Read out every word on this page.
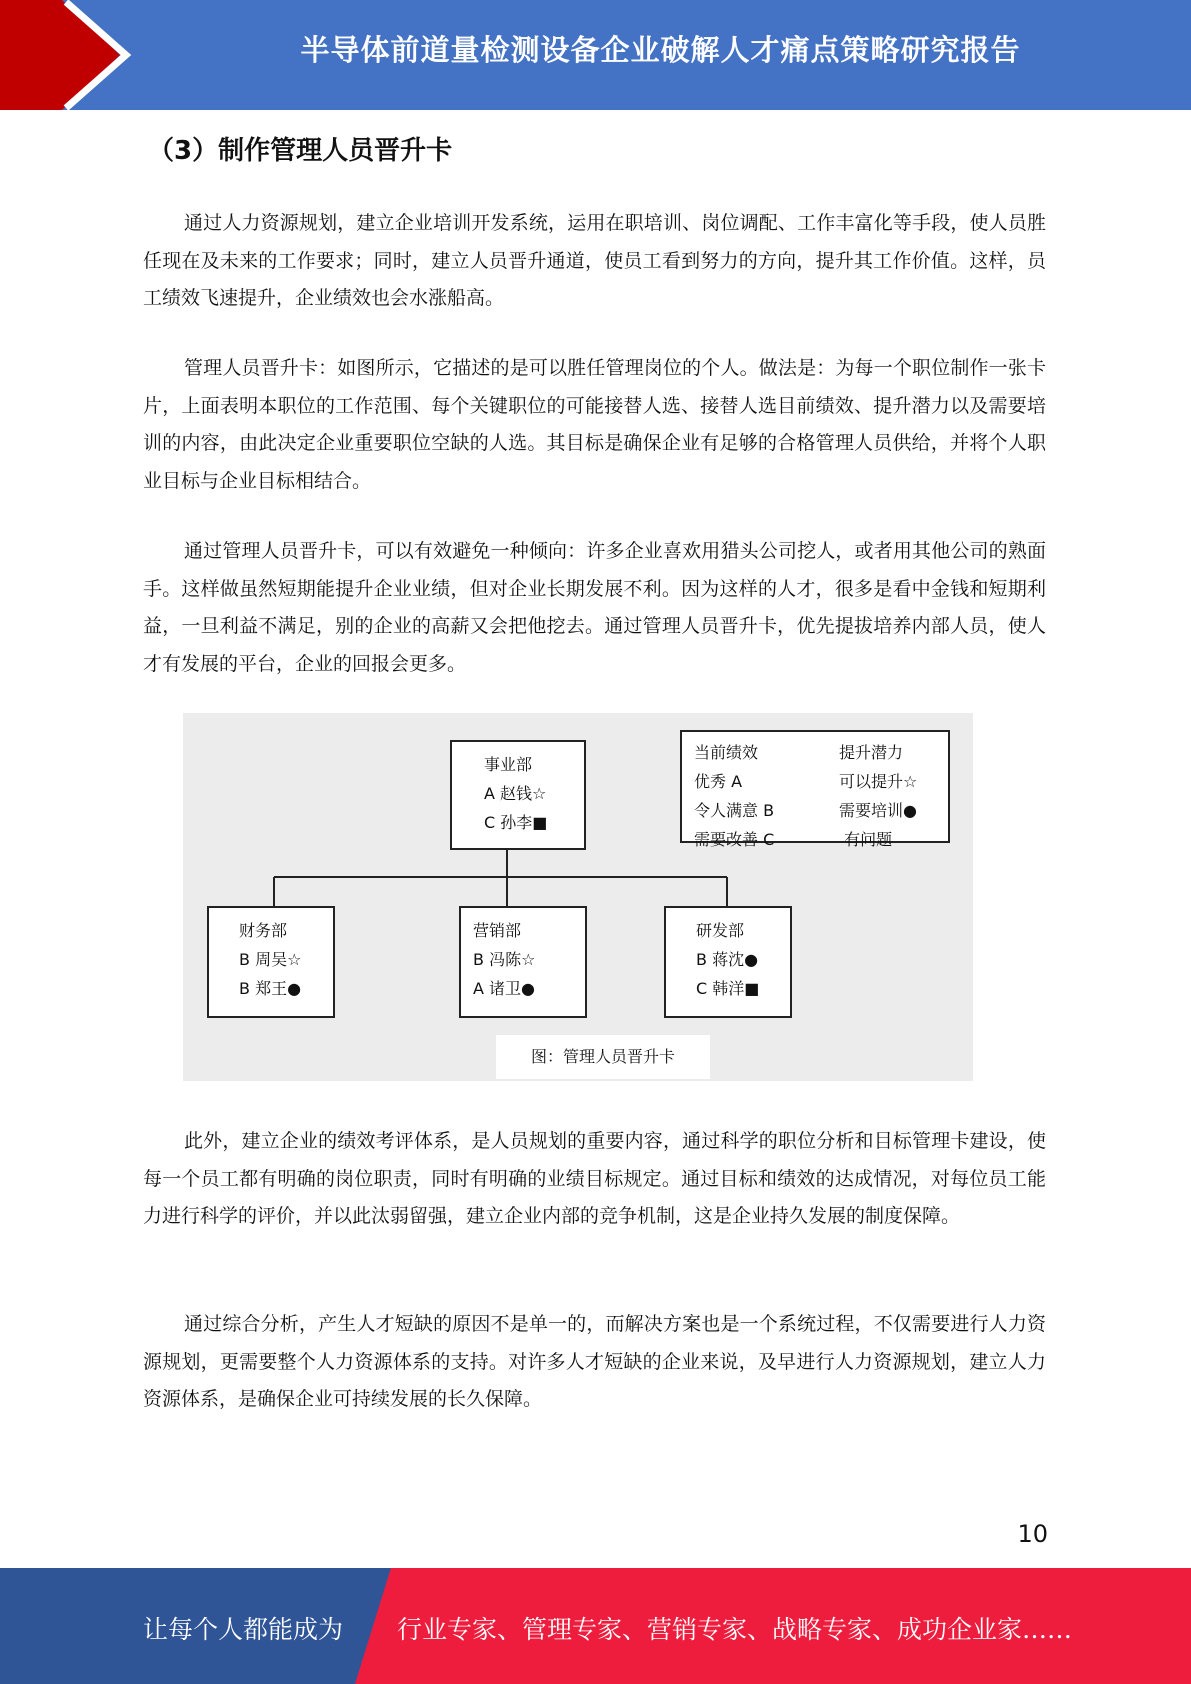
半导体前道量检测设备企业破解人才痛点策略研究报告
（3）制作管理人员晋升卡

通过人力资源规划，建立企业培训开发系统，运用在职培训、岗位调配、工作丰富化等手段，使人员胜任现在及未来的工作要求；同时，建立人员晋升通道，使员工看到努力的方向，提升其工作价值。这样，员工绩效飞速提升，企业绩效也会水涨船高。

管理人员晋升卡：如图所示，它描述的是可以胜任管理岗位的个人。做法是：为每一个职位制作一张卡片，上面表明本职位的工作范围、每个关键职位的可能接替人选、接替人选目前绩效、提升潜力以及需要培训的内容，由此决定企业重要职位空缺的人选。其目标是确保企业有足够的合格管理人员供给，并将个人职业目标与企业目标相结合。

通过管理人员晋升卡，可以有效避免一种倾向：许多企业喜欢用猎头公司挖人，或者用其他公司的熟面手。这样做虽然短期能提升企业业绩，但对企业长期发展不利。因为这样的人才，很多是看中金钱和短期利益，一旦利益不满足，别的企业的高薪又会把他挖去。通过管理人员晋升卡，优先提拔培养内部人员，使人才有发展的平台，企业的回报会更多。

事业部
A 赵钱☆
C 孙李■
财务部
B 周吴☆
B 郑王●
营销部
B 冯陈☆
A 诸卫●
研发部
B 蒋沈●
C 韩洋■
当前绩效	提升潜力
优秀 A	可以提升☆
令人满意 B	需要培训●
需要改善 C	有问题
图：管理人员晋升卡

此外，建立企业的绩效考评体系，是人员规划的重要内容，通过科学的职位分析和目标管理卡建设，使每一个员工都有明确的岗位职责，同时有明确的业绩目标规定。通过目标和绩效的达成情况，对每位员工能力进行科学的评价，并以此汰弱留强，建立企业内部的竞争机制，这是企业持久发展的制度保障。

通过综合分析，产生人才短缺的原因不是单一的，而解决方案也是一个系统过程，不仅需要进行人力资源规划，更需要整个人力资源体系的支持。对许多人才短缺的企业来说，及早进行人力资源规划，建立人力资源体系，是确保企业可持续发展的长久保障。

10
让每个人都能成为 行业专家、管理专家、营销专家、战略专家、成功企业家……
